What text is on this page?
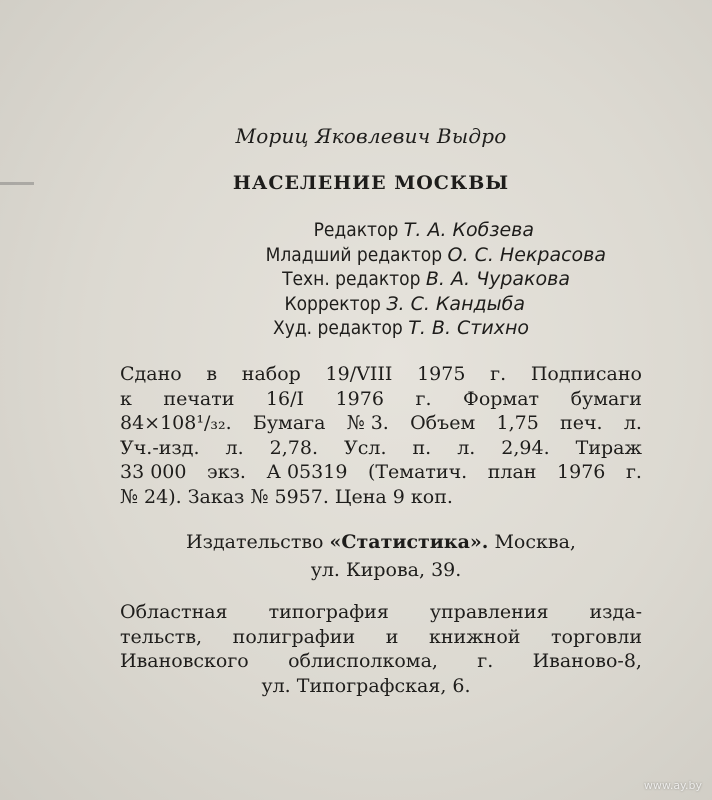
Мориц Яковлевич Выдро
НАСЕЛЕНИЕ МОСКВЫ
Редактор Т. А. Кобзева
Младший редактор О. С. Некрасова
Техн. редактор В. А. Чуракова
Корректор З. С. Кандыба
Худ. редактор Т. В. Стихно
Сдано в набор 19/VIII 1975 г. Подписано
к печати 16/I 1976 г. Формат бумаги
84×108¹/₃₂. Бумага № 3. Объем 1,75 печ. л.
Уч.-изд. л. 2,78. Усл. п. л. 2,94. Тираж
33 000 экз. А 05319 (Тематич. план 1976 г.
№ 24). Заказ № 5957. Цена 9 коп.
Издательство «Статистика». Москва,
ул. Кирова, 39.
Областная типография управления изда-
тельств, полиграфии и книжной торговли
Ивановского облисполкома, г. Иваново-8,
ул. Типографская, 6.
www.ay.by
